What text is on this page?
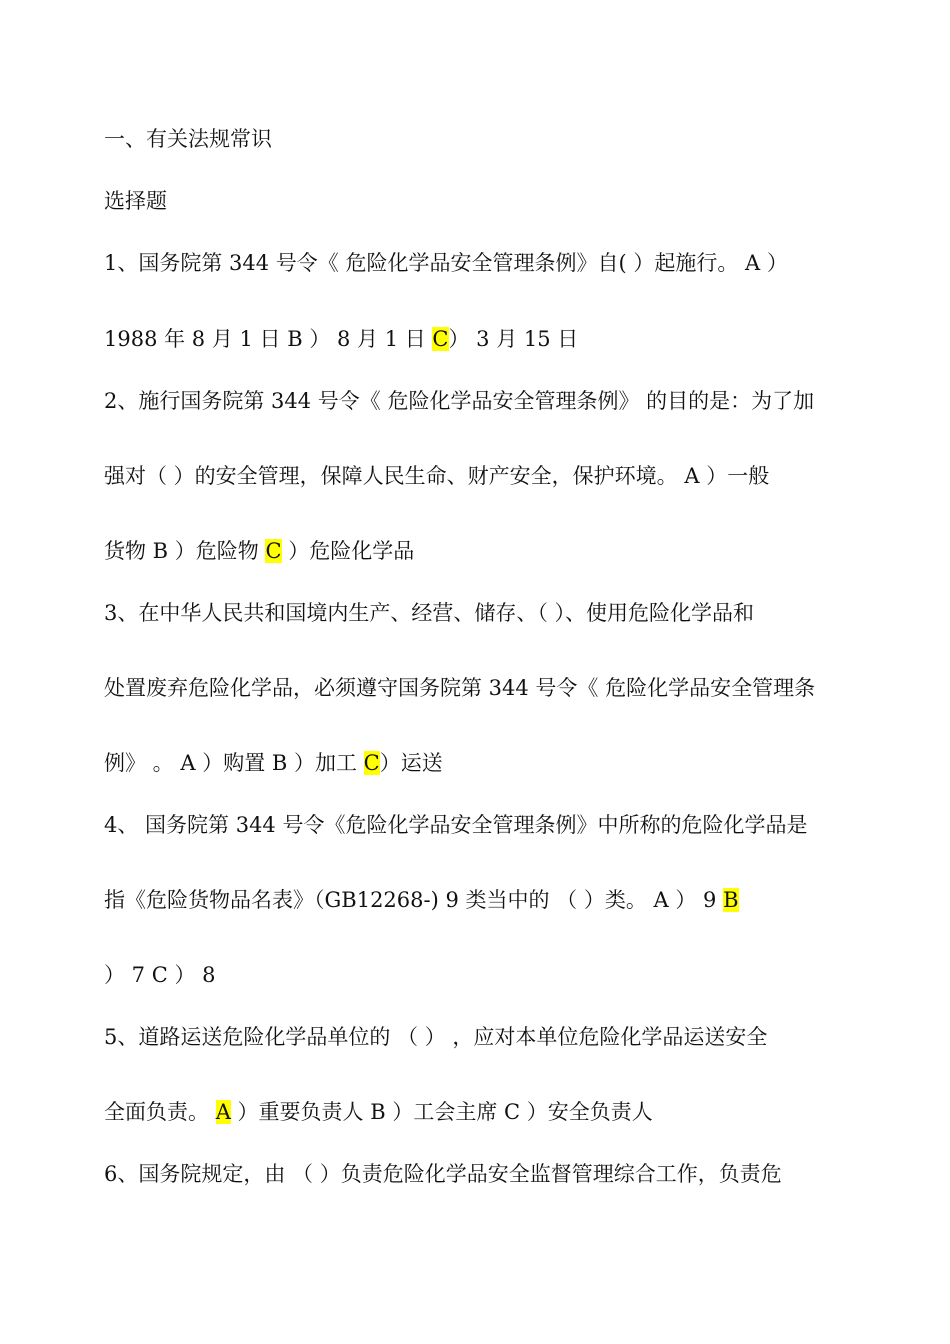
一、有关法规常识
选择题
1、国务院第 344 号令《 危险化学品安全管理条例》自( ）起施行。 A ）
1988 年 8 月 1 日 B ） 8 月 1 日 C） 3 月 15 日
2、施行国务院第 344 号令《 危险化学品安全管理条例》 的目的是：为了加
强对（ ）的安全管理，保障人民生命、财产安全，保护环境。 A ）一般
货物 B ）危险物 C ）危险化学品
3、在中华人民共和国境内生产、经营、储存、（ ）、使用危险化学品和
处置废弃危险化学品，必须遵守国务院第 344 号令《 危险化学品安全管理条
例》 。 A ）购置 B ）加工 C）运送
4、 国务院第 344 号令《危险化学品安全管理条例》中所称的危险化学品是
指《危险货物品名表》（GB12268-) 9 类当中的 （ ）类。 A ） 9 B
） 7 C ） 8
5、道路运送危险化学品单位的 （ ） ，应对本单位危险化学品运送安全
全面负责。 A ）重要负责人 B ）工会主席 C ）安全负责人
6、国务院规定，由 （ ）负责危险化学品安全监督管理综合工作，负责危
